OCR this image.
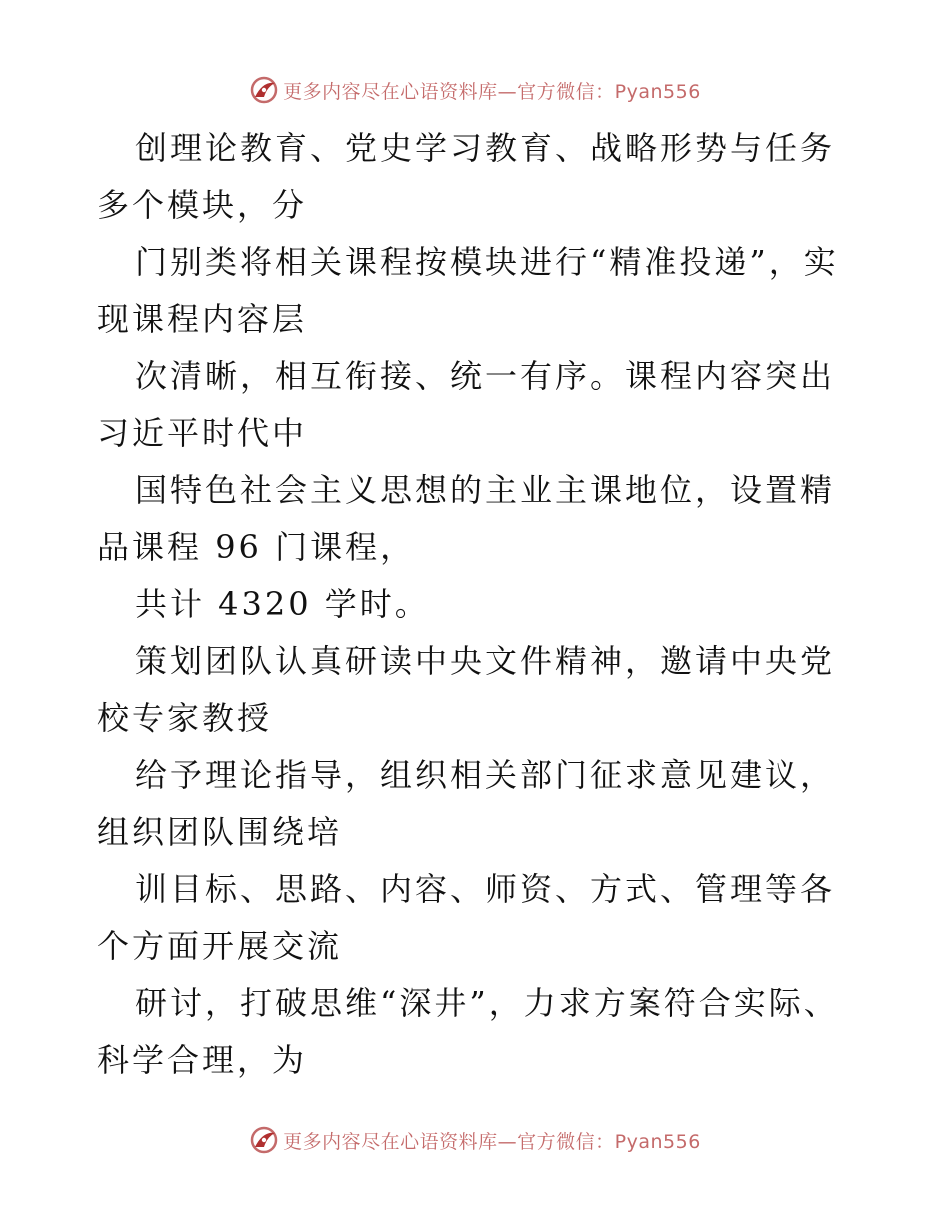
更多内容尽在心语资料库—官方微信：Pyan556

创理论教育、党史学习教育、战略形势与任务多个模块，分

门别类将相关课程按模块进行“精准投递”，实现课程内容层

次清晰，相互衔接、统一有序。课程内容突出习近平时代中

国特色社会主义思想的主业主课地位，设置精品课程 96 门课程，

共计 4320 学时。

策划团队认真研读中央文件精神，邀请中央党校专家教授

给予理论指导，组织相关部门征求意见建议，组织团队围绕培

训目标、思路、内容、师资、方式、管理等各个方面开展交流

研讨，打破思维“深井”，力求方案符合实际、科学合理，为

更多内容尽在心语资料库—官方微信：Pyan556
